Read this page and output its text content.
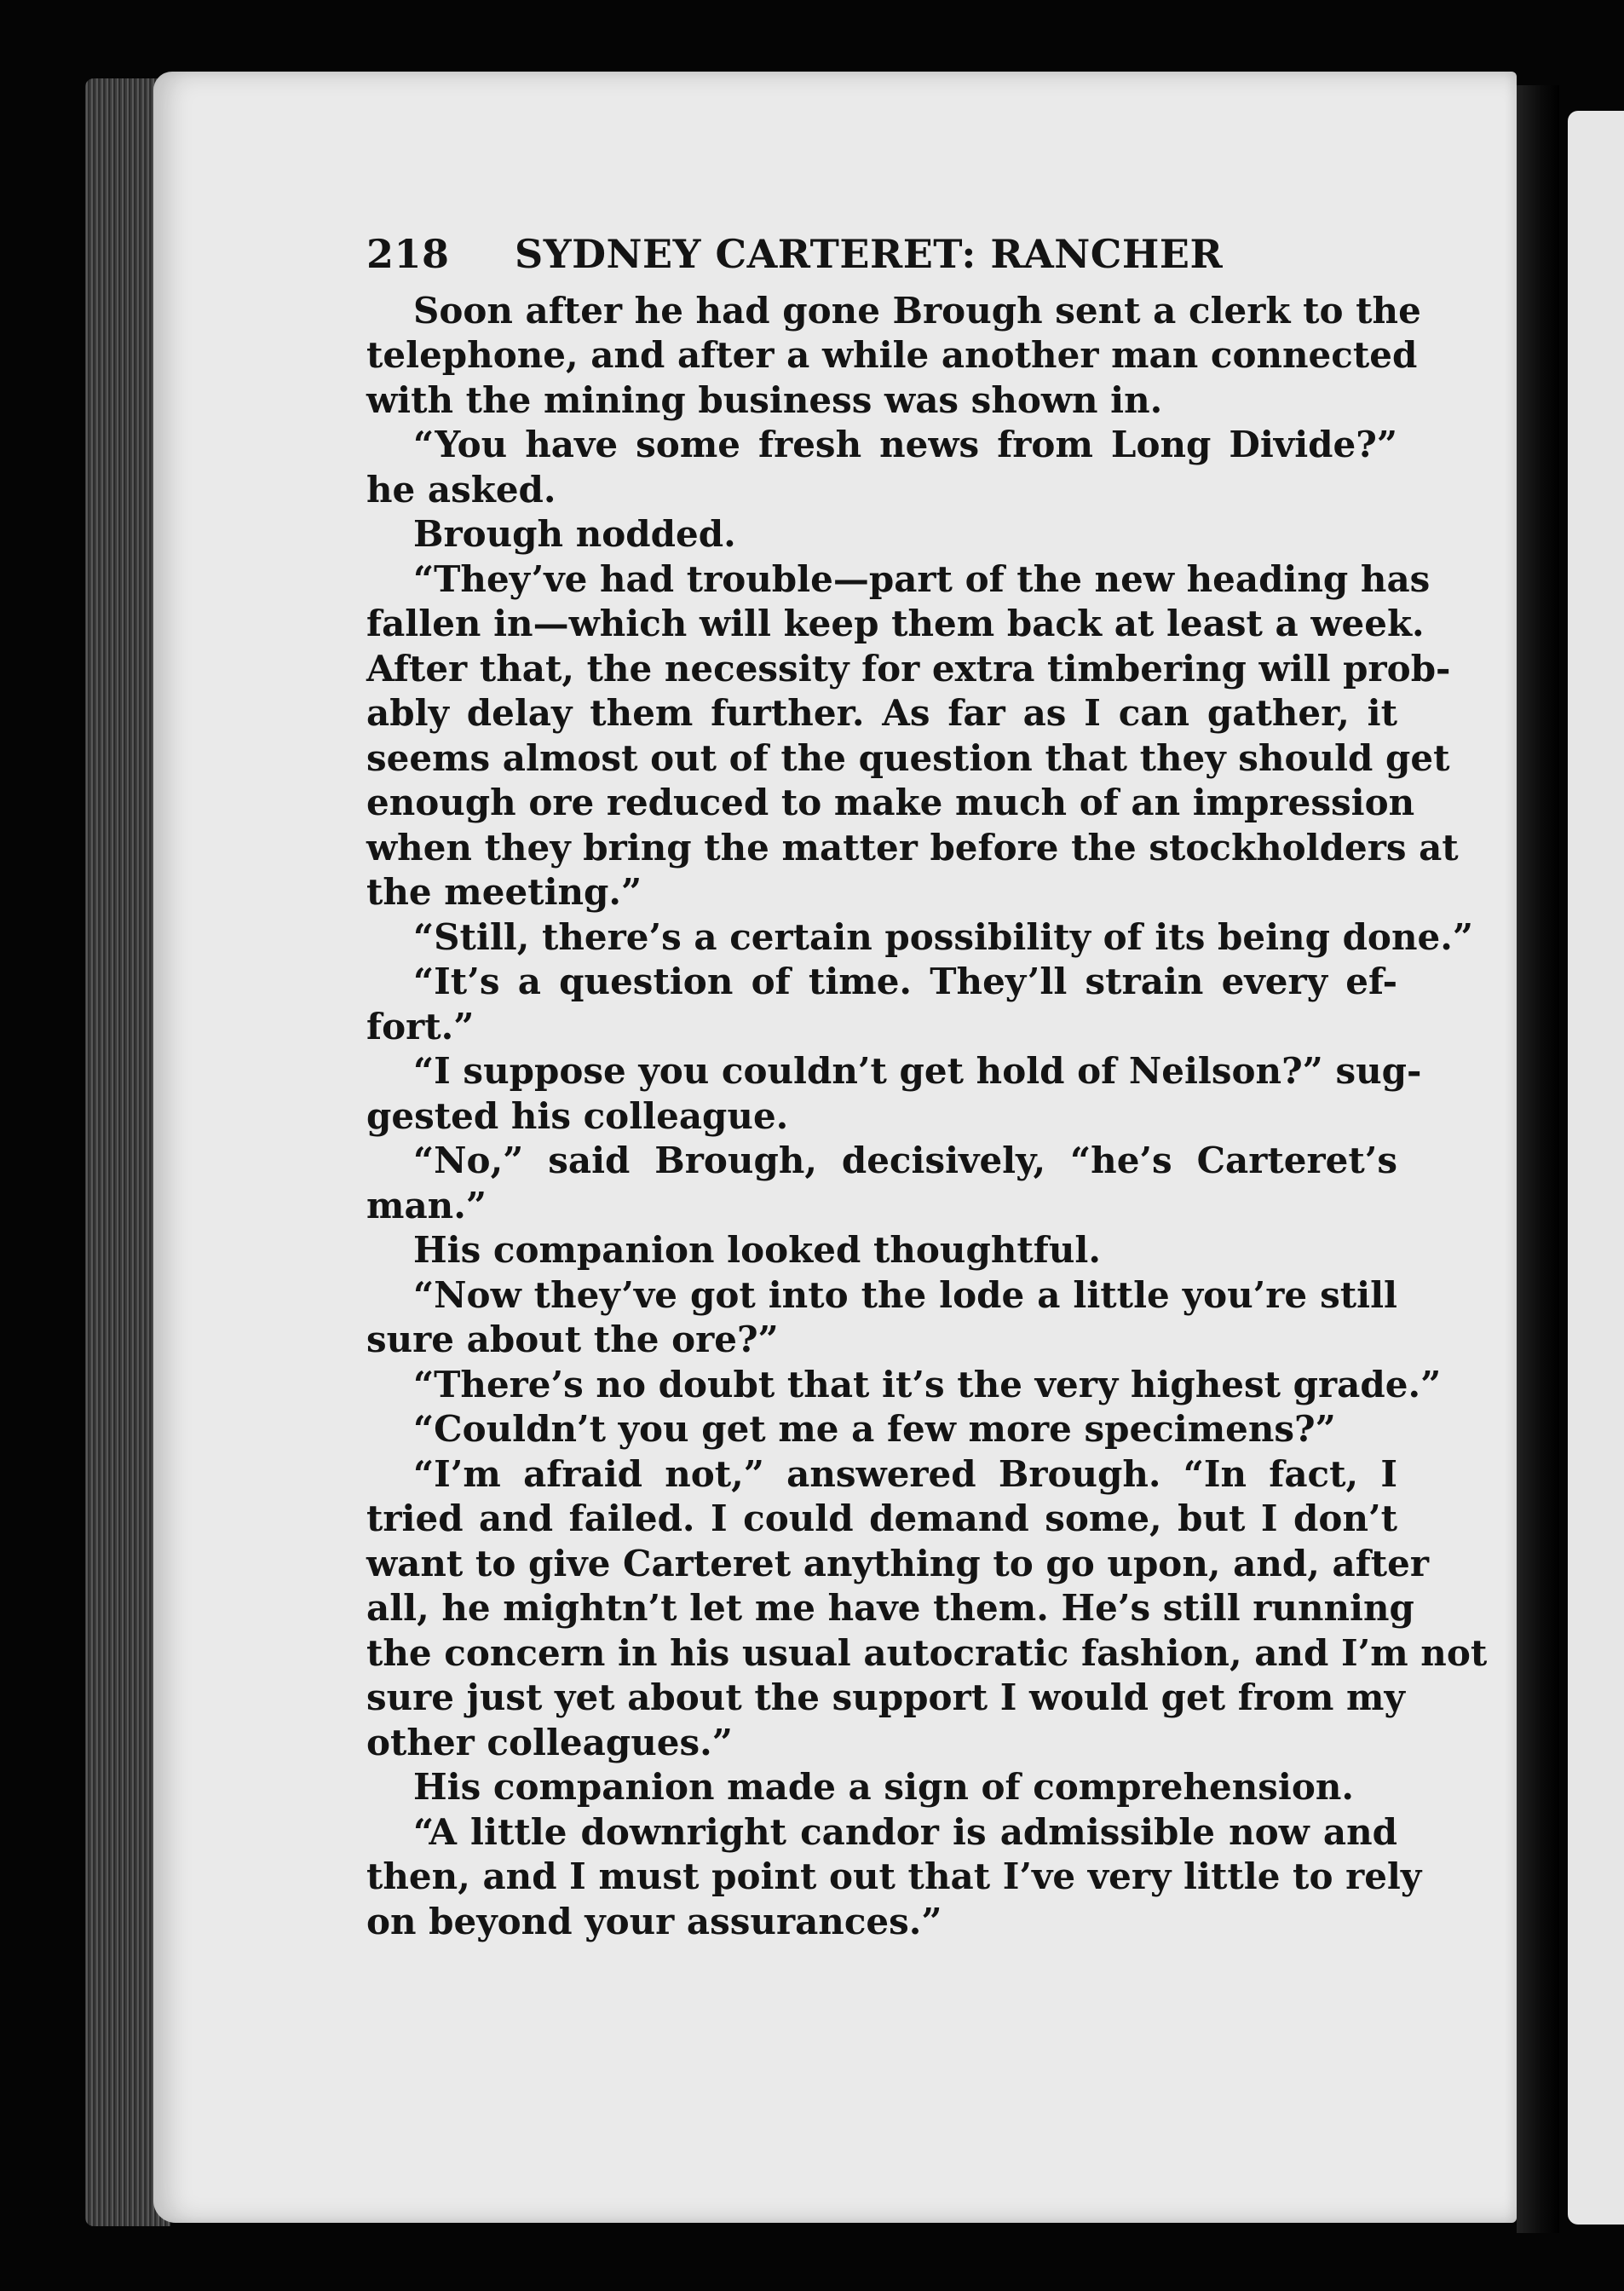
218 SYDNEY CARTERET: RANCHER
Soon after he had gone Brough sent a clerk to the
telephone, and after a while another man connected
with the mining business was shown in.
“You have some fresh news from Long Divide?”
he asked.
Brough nodded.
“They’ve had trouble—part of the new heading has
fallen in—which will keep them back at least a week.
After that, the necessity for extra timbering will prob-
ably delay them further. As far as I can gather, it
seems almost out of the question that they should get
enough ore reduced to make much of an impression
when they bring the matter before the stockholders at
the meeting.”
“Still, there’s a certain possibility of its being done.”
“It’s a question of time. They’ll strain every ef-
fort.”
“I suppose you couldn’t get hold of Neilson?” sug-
gested his colleague.
“No,” said Brough, decisively, “he’s Carteret’s
man.”
His companion looked thoughtful.
“Now they’ve got into the lode a little you’re still
sure about the ore?”
“There’s no doubt that it’s the very highest grade.”
“Couldn’t you get me a few more specimens?”
“I’m afraid not,” answered Brough. “In fact, I
tried and failed. I could demand some, but I don’t
want to give Carteret anything to go upon, and, after
all, he mightn’t let me have them. He’s still running
the concern in his usual autocratic fashion, and I’m not
sure just yet about the support I would get from my
other colleagues.”
His companion made a sign of comprehension.
“A little downright candor is admissible now and
then, and I must point out that I’ve very little to rely
on beyond your assurances.”
